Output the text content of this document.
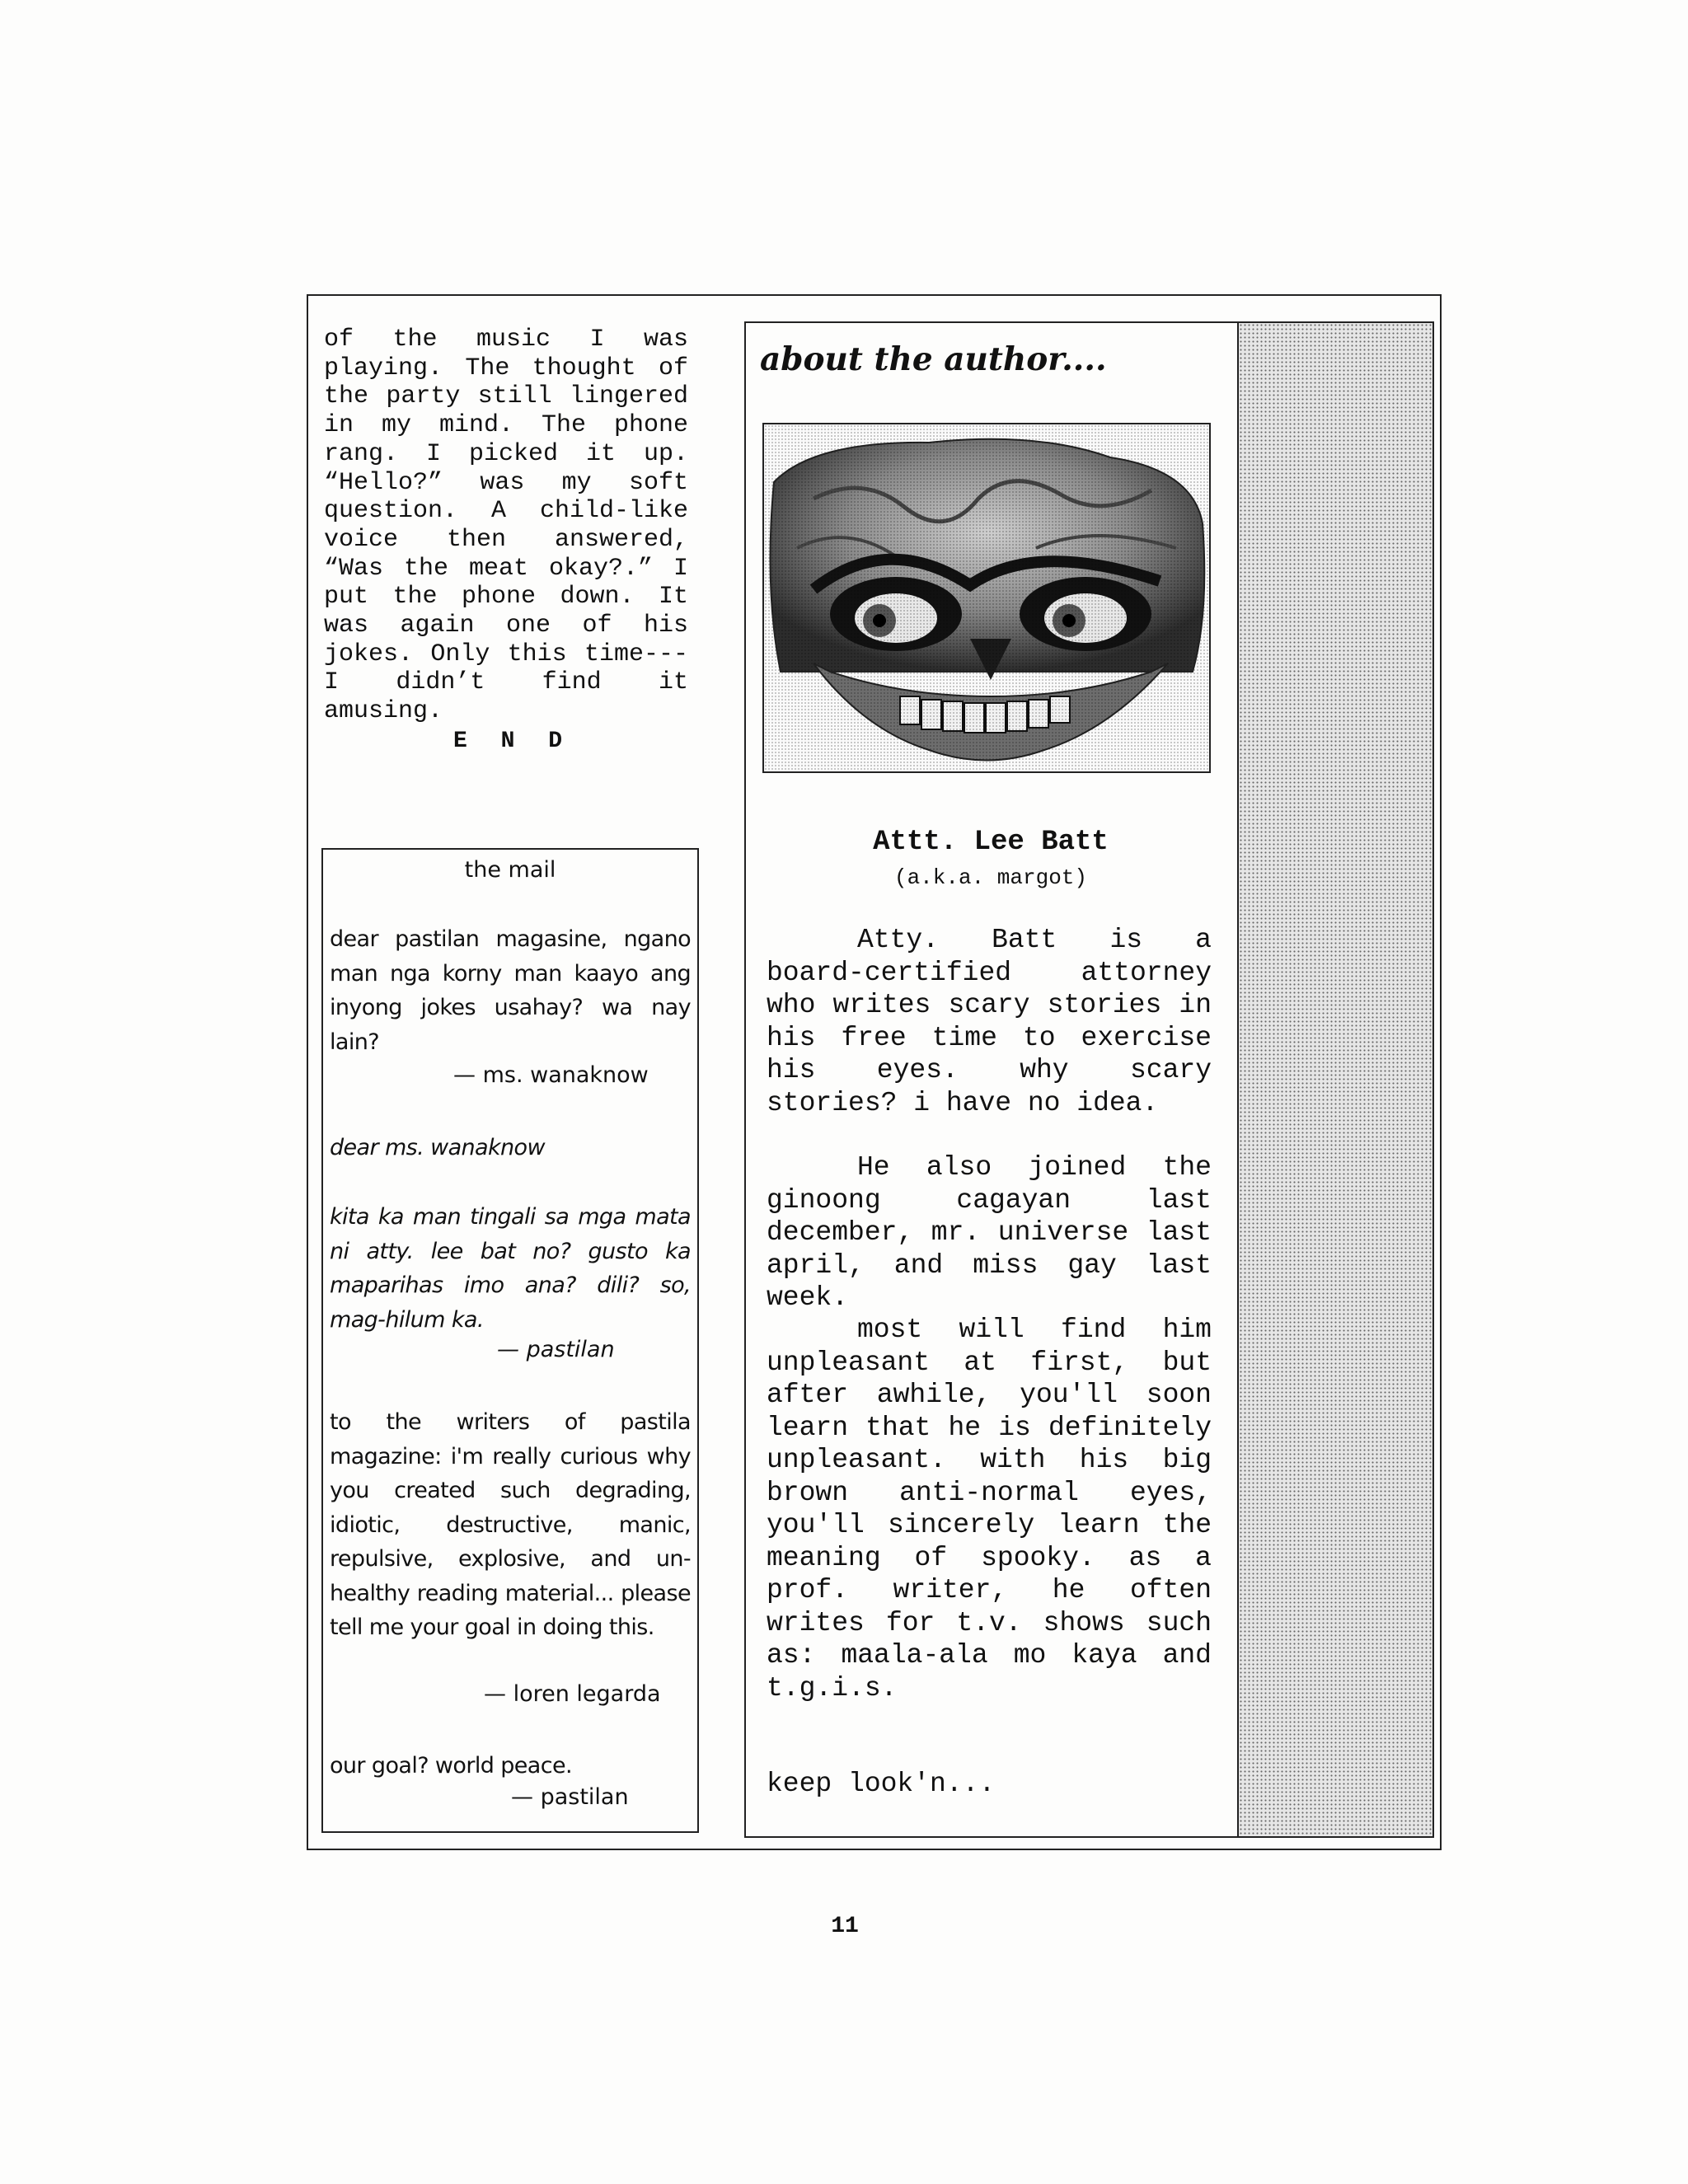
of the music I was playing. The thought of the party still lingered in my mind. The phone rang. I picked it up. “Hello?” was my soft question. A child-like voice then answered, “Was the meat okay?.” I put the phone down. It was again one of his jokes. Only this time--- I didn’t find it amusing.
E N D
the mail
dear pastilan magasine, ngano man nga korny man kaayo ang inyong jokes usahay? wa nay lain?
— ms. wanaknow
dear ms. wanaknow
kita ka man tingali sa mga mata ni atty. lee bat no? gusto ka maparihas imo ana? dili? so, mag-hilum ka.
— pastilan
to the writers of pastila magazine: i'm really curious why you created such degrading, idiotic, destructive, manic, repulsive, explosive, and un-healthy reading material... please tell me your goal in doing this.
— loren legarda
our goal? world peace.
— pastilan
about the author....
Attt. Lee Batt
(a.k.a. margot)

Atty. Batt is a board-certified attorney who writes scary stories in his free time to exercise his eyes. why scary stories? i have no idea.

He also joined the ginoong cagayan last december, mr. universe last april, and miss gay last week.

most will find him unpleasant at first, but after awhile, you'll soon learn that he is definitely unpleasant. with his big brown anti-normal eyes, you'll sincerely learn the meaning of spooky. as a prof. writer, he often writes for t.v. shows such as: maala-ala mo kaya and t.g.i.s.

keep look'n...

11
